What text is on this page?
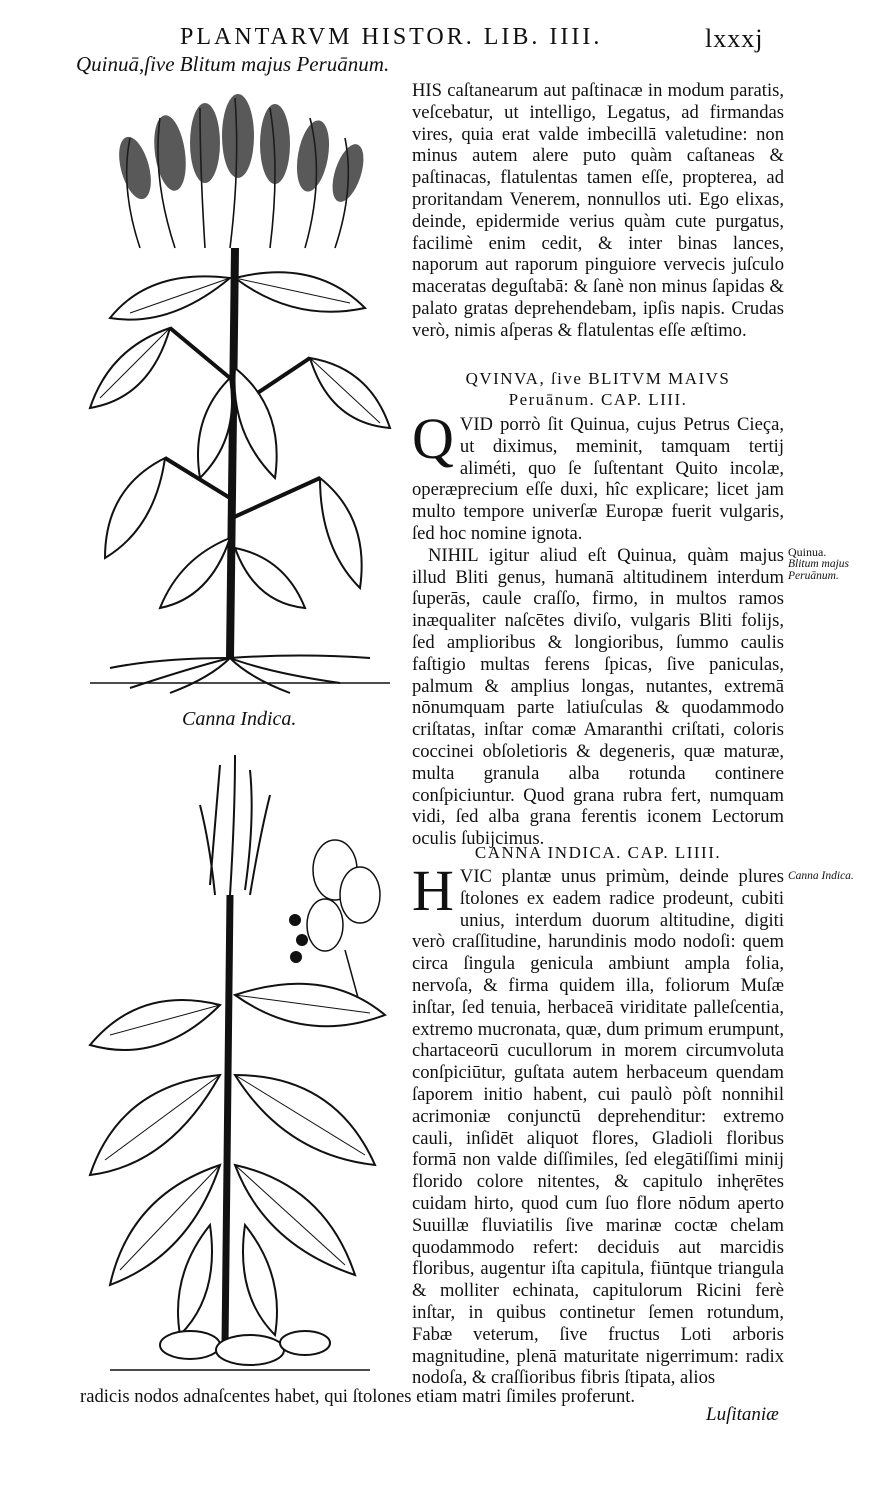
PLANTARVM HISTOR. LIB. IIII.	lxxxj
Quinuā,ſive Blitum majus Peruānum.
Canna Indica.

HIS caſtanearum aut paſtinacæ in modum paratis, veſcebatur, ut intelligo, Legatus, ad firmandas vires, quia erat valde imbecillā valetudine: non minus autem alere puto quàm caſtaneas & paſtinacas, flatulentas tamen eſſe, propterea, ad proritandam Venerem, nonnullos uti. Ego elixas, deinde, epidermide verius quàm cute purgatus, facilimè enim cedit, & inter binas lances, naporum aut raporum pinguiore vervecis juſculo maceratas deguſtabā: & ſanè non minus ſapidas & palato gratas deprehendebam, ipſis napis. Crudas verò, nimis aſperas & flatulentas eſſe æſtimo.

QVINVA, ſive BLITVM MAIVS
Peruānum. CAP. LIII.

QVID porrò ſit Quinua, cujus Petrus Cieça, ut diximus, meminit, tamquam tertij aliméti, quo ſe ſuſtentant Quito incolæ, operæprecium eſſe duxi, hîc explicare; licet jam multo tempore univerſæ Europæ fuerit vulgaris, ſed hoc nomine ignota.

NIHIL igitur aliud eſt Quinua, quàm majus illud Bliti genus, humanā altitudinem interdum ſuperās, caule craſſo, firmo, in multos ramos inæqualiter naſcētes diviſo, vulgaris Bliti folijs, ſed amplioribus & longioribus, ſummo caulis faſtigio multas ferens ſpicas, ſive paniculas, palmum & amplius longas, nutantes, extremā nōnumquam parte latiuſculas & quodammodo criſtatas, inſtar comæ Amaranthi criſtati, coloris coccinei obſoletioris & degeneris, quæ maturæ, multa granula alba rotunda continere conſpiciuntur. Quod grana rubra fert, numquam vidi, ſed alba grana ferentis iconem Lectorum oculis ſubijcimus.

Quinua.
Blitum majus Peruānum.
CANNA INDICA. CAP. LIIII.

HVIC plantæ unus primùm, deinde plures ſtolones ex eadem radice prodeunt, cubiti unius, interdum duorum altitudine, digiti verò craſſitudine, harundinis modo nodoſi: quem circa ſingula genicula ambiunt ampla folia, nervoſa, & firma quidem illa, foliorum Muſæ inſtar, ſed tenuia, herbaceā viriditate palleſcentia, extremo mucronata, quæ, dum primum erumpunt, chartaceorū cucullorum in morem circumvoluta conſpiciūtur, guſtata autem herbaceum quendam ſaporem initio habent, cui paulò pòſt nonnihil acrimoniæ conjunctū deprehenditur: extremo cauli, inſidēt aliquot flores, Gladioli floribus formā non valde diſſimiles, ſed elegātiſſimi minij florido colore nitentes, & capitulo inhęrētes cuidam hirto, quod cum ſuo flore nōdum aperto Suuillæ fluviatilis ſive marinæ coctæ chelam quodammodo refert: deciduis aut marcidis floribus, augentur iſta capitula, fiūntque triangula & molliter echinata, capitulorum Ricini ferè inſtar, in quibus continetur ſemen rotundum, Fabæ veterum, ſive fructus Loti arboris magnitudine, plenā maturitate nigerrimum: radix nodoſa, & craſſioribus fibris ſtipata, alios

Canna Indica.
radicis nodos adnaſcentes habet, qui ſtolones etiam matri ſimiles proferunt.
Luſitaniæ
